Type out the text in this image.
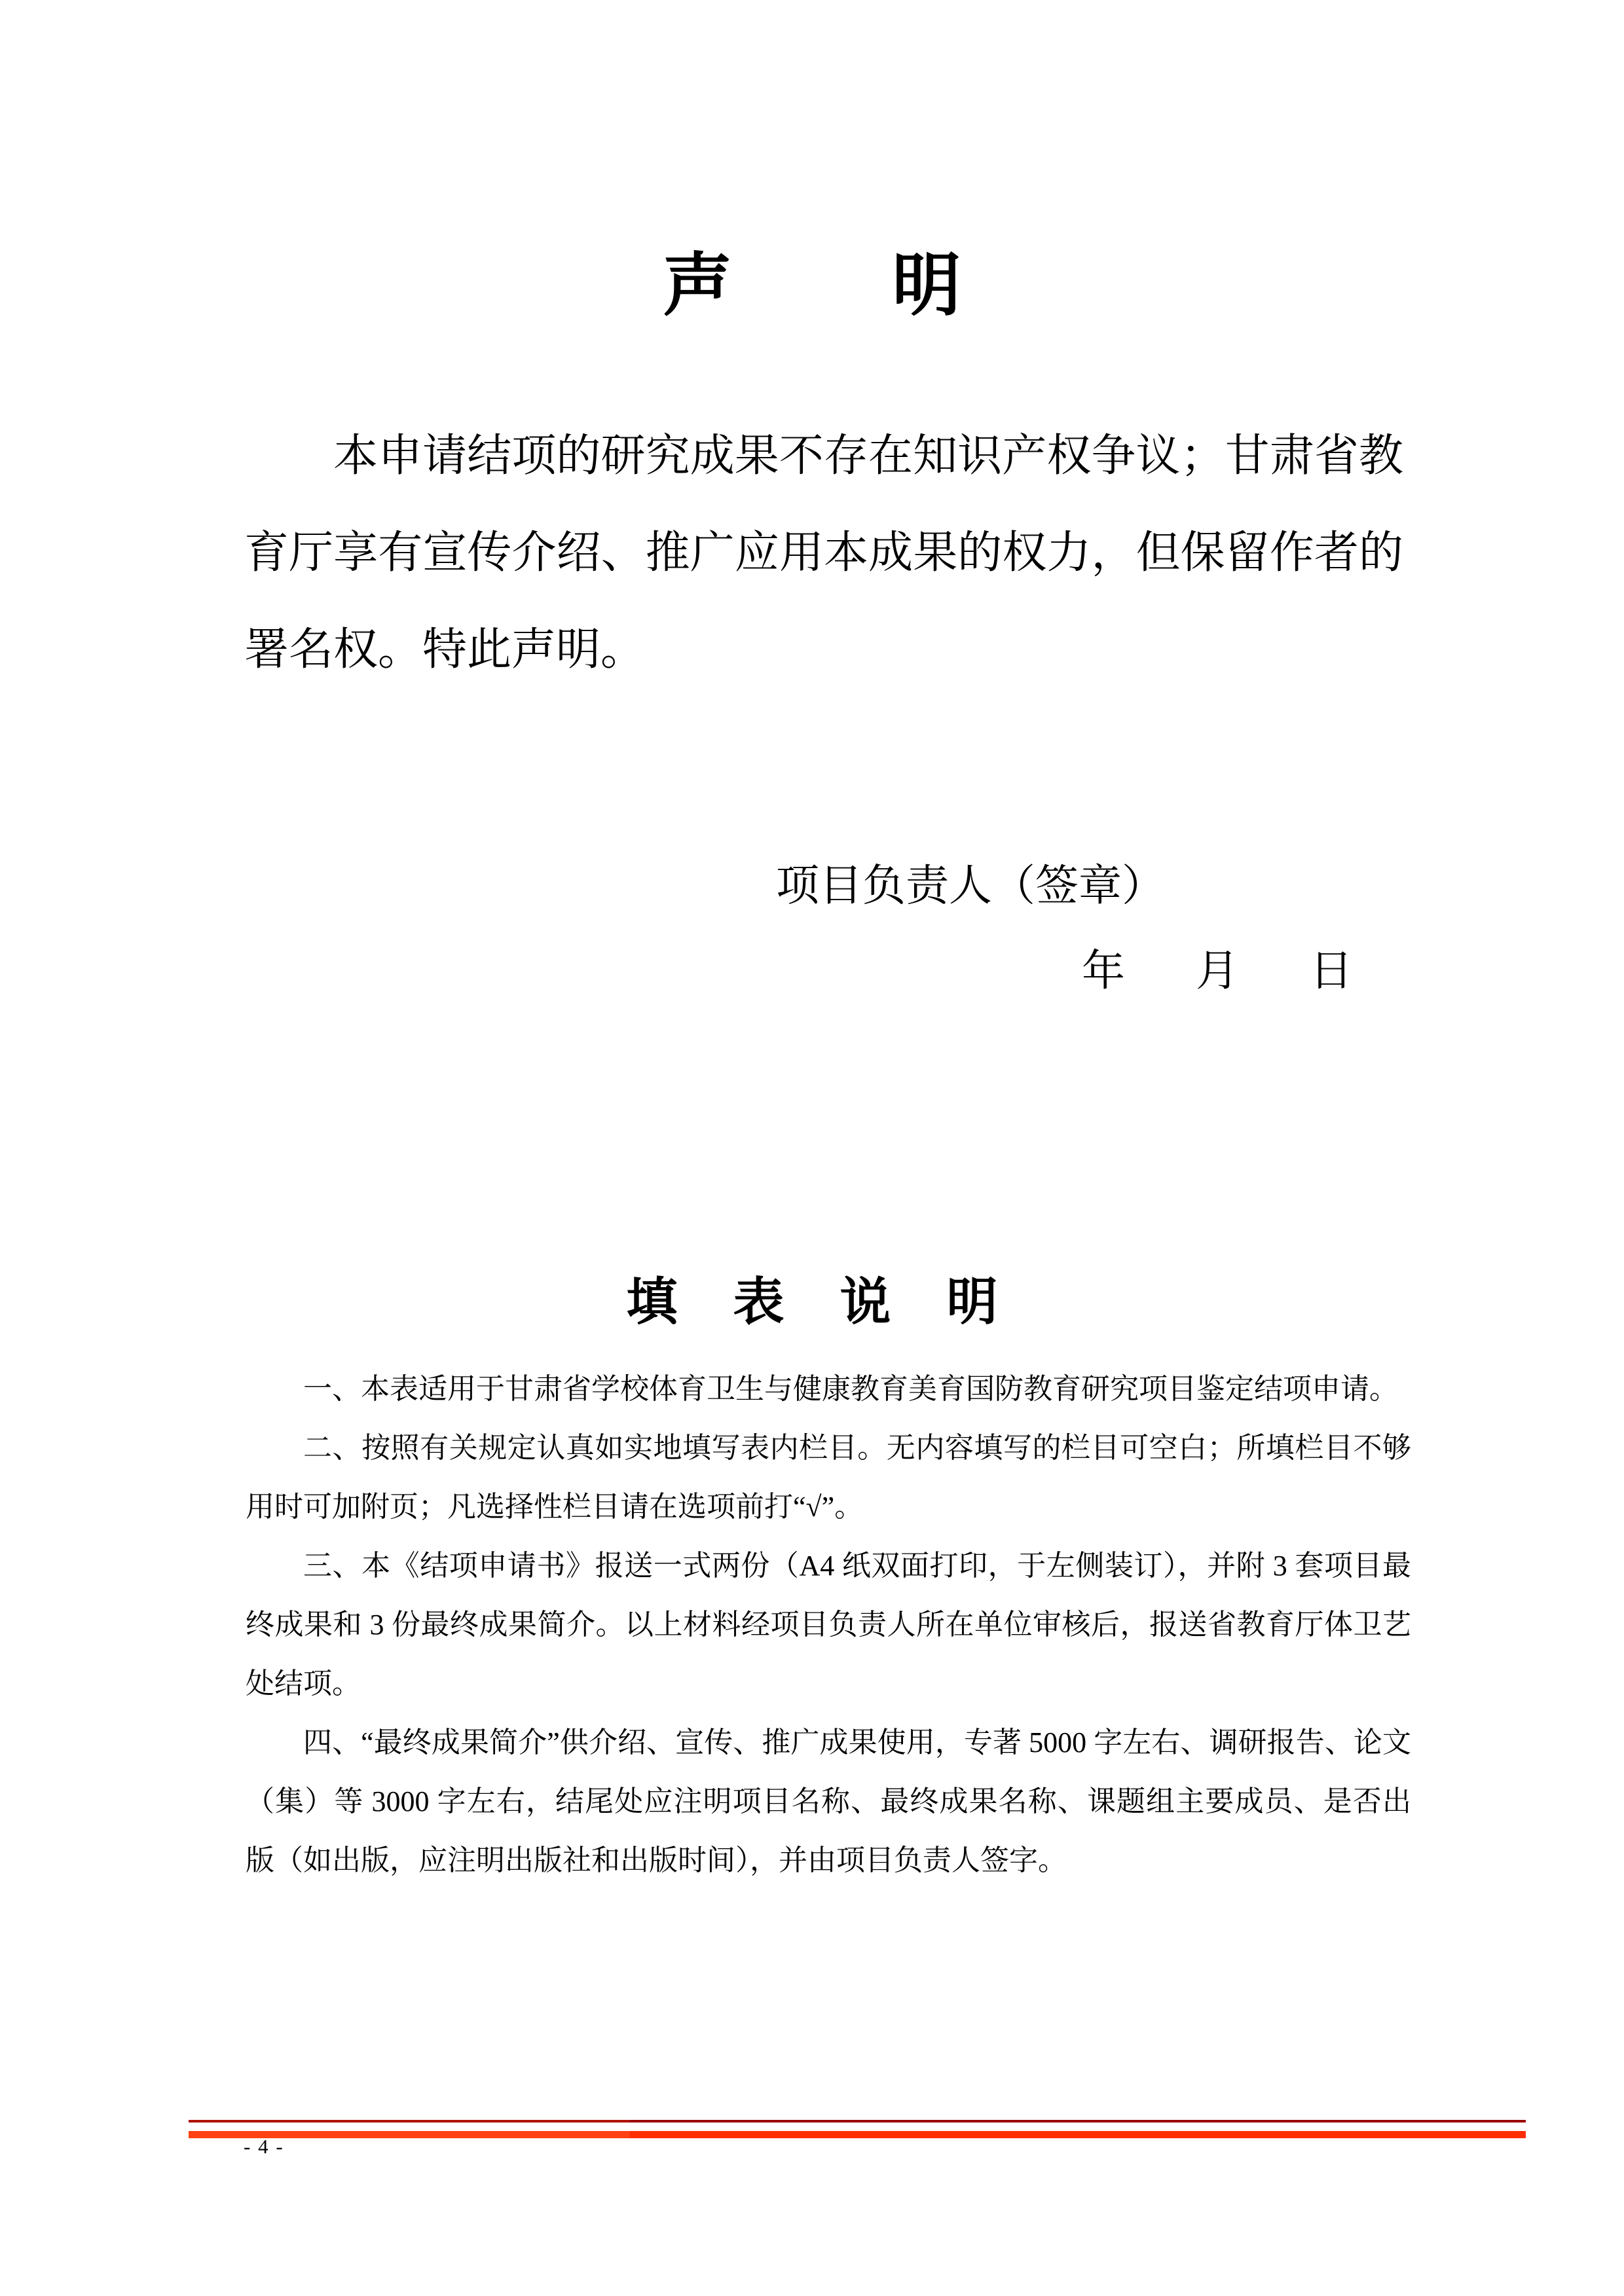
声 明
本申请结项的研究成果不存在知识产权争议；甘肃省教育厅享有宣传介绍、推广应用本成果的权力，但保留作者的署名权。特此声明。
项目负责人（签章）
年 月 日
填 表 说 明

一、本表适用于甘肃省学校体育卫生与健康教育美育国防教育研究项目鉴定结项申请。

二、按照有关规定认真如实地填写表内栏目。无内容填写的栏目可空白；所填栏目不够用时可加附页；凡选择性栏目请在选项前打“√”。

三、本《结项申请书》报送一式两份（A4 纸双面打印，于左侧装订），并附 3 套项目最终成果和 3 份最终成果简介。以上材料经项目负责人所在单位审核后，报送省教育厅体卫艺处结项。

四、“最终成果简介”供介绍、宣传、推广成果使用，专著 5000 字左右、调研报告、论文（集）等 3000 字左右，结尾处应注明项目名称、最终成果名称、课题组主要成员、是否出版（如出版，应注明出版社和出版时间），并由项目负责人签字。

- 4 -
